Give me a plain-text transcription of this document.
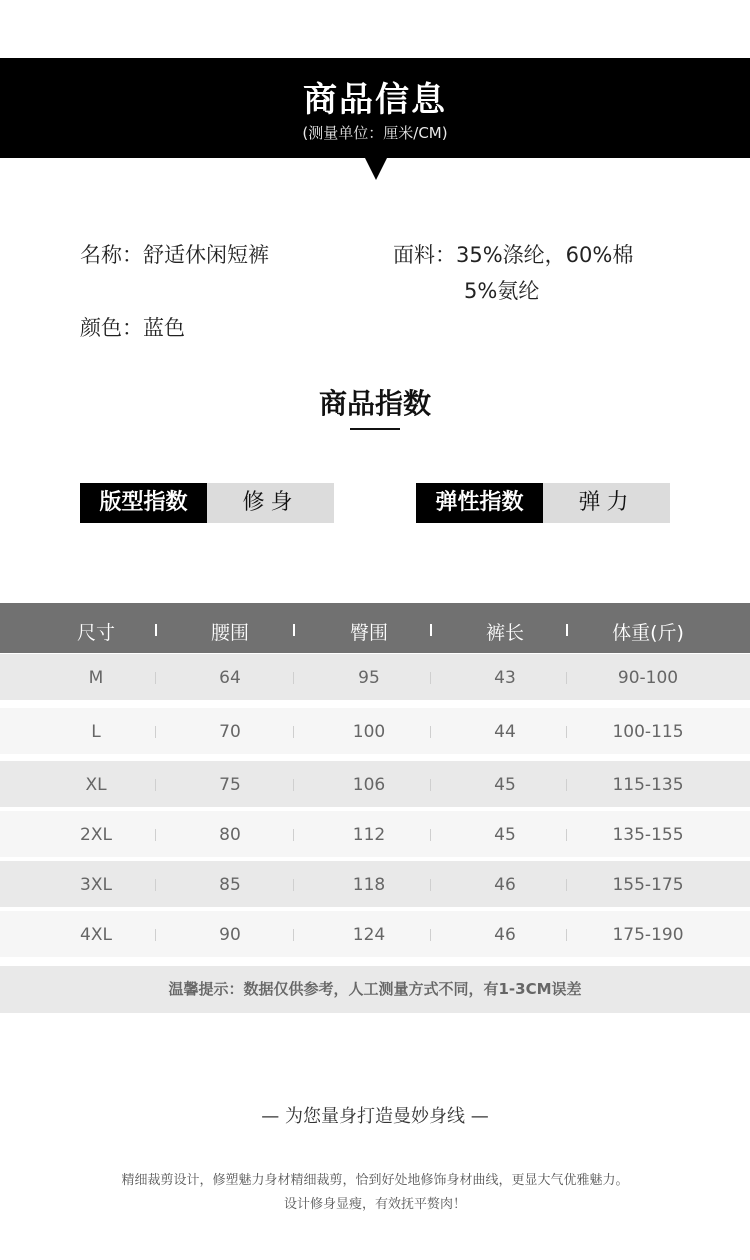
商品信息
(测量单位：厘米/CM)
名称：舒适休闲短裤	面料：35%涤纶，60%棉
5%氨纶
颜色：蓝色
商品指数
版型指数	修身	弹性指数	弹力
尺寸	腰围	臀围	裤长	体重(斤)
M	64	95	43	90-100
L	70	100	44	100-115
XL	75	106	45	115-135
2XL	80	112	45	135-155
3XL	85	118	46	155-175
4XL	90	124	46	175-190
温馨提示：数据仅供参考，人工测量方式不同，有1-3CM误差
— 为您量身打造曼妙身线 —
精细裁剪设计，修塑魅力身材精细裁剪，恰到好处地修饰身材曲线，更显大气优雅魅力。
设计修身显瘦，有效抚平赘肉！
